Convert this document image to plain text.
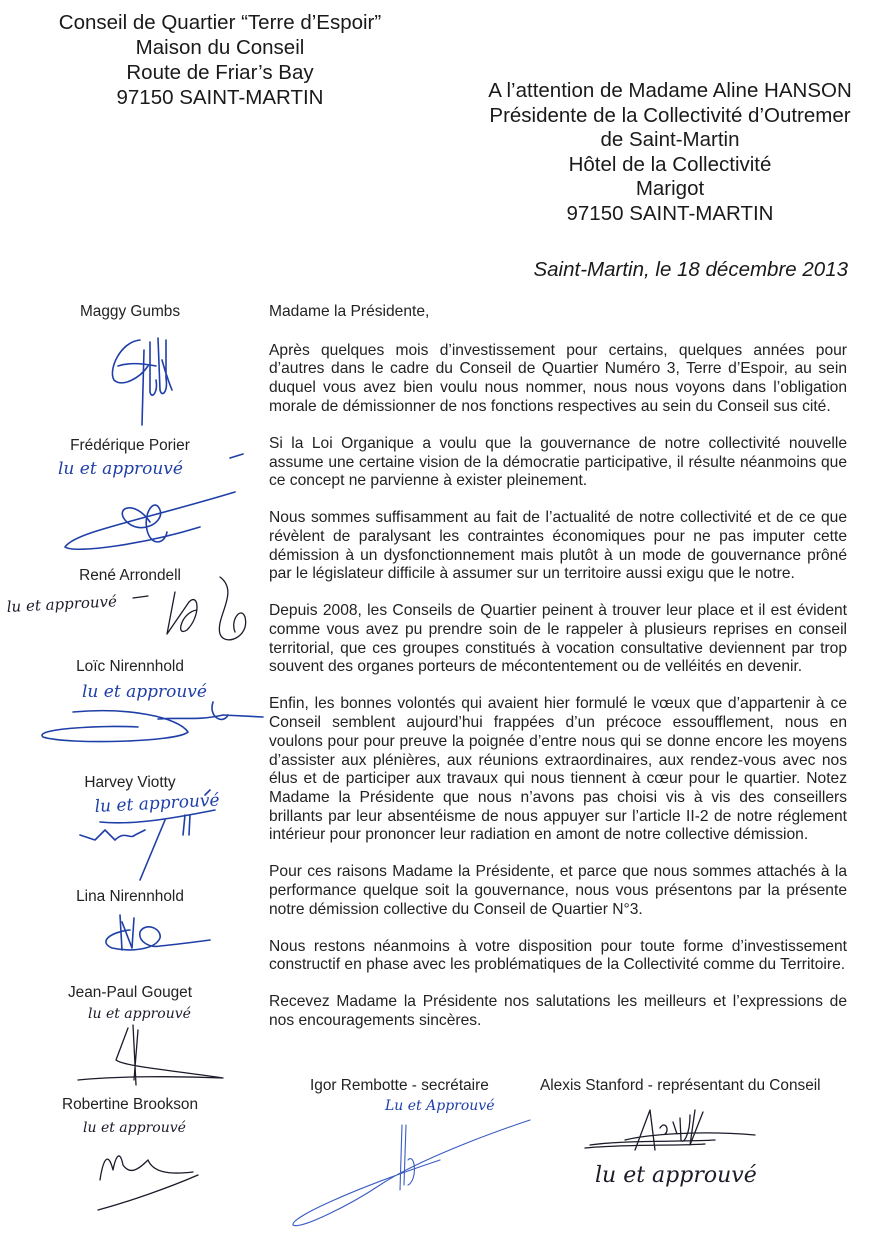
Conseil de Quartier “Terre d’Espoir”
Maison du Conseil
Route de Friar’s Bay
97150 SAINT-MARTIN	A l’attention de Madame Aline HANSON
Présidente de la Collectivité d’Outremer
de Saint-Martin
Hôtel de la Collectivité
Marigot
97150 SAINT-MARTIN
Saint-Martin, le 18 décembre 2013

Madame la Présidente,

Après quelques mois d’investissement pour certains, quelques années pour d’autres dans le cadre du Conseil de Quartier Numéro 3, Terre d’Espoir, au sein duquel vous avez bien voulu nous nommer, nous nous voyons dans l’obligation morale de démissionner de nos fonctions respectives au sein du Conseil sus cité.

Si la Loi Organique a voulu que la gouvernance de notre collectivité nouvelle assume une certaine vision de la démocratie participative, il résulte néanmoins que ce concept ne parvienne à exister pleinement.

Nous sommes suffisamment au fait de l’actualité de notre collectivité et de ce que révèlent de paralysant les contraintes économiques pour ne pas imputer cette démission à un dysfonctionnement mais plutôt à un mode de gouvernance prôné par le législateur difficile à assumer sur un territoire aussi exigu que le notre.

Depuis 2008, les Conseils de Quartier peinent à trouver leur place et il est évident comme vous avez pu prendre soin de le rappeler à plusieurs reprises en conseil territorial, que ces groupes constitués à vocation consultative deviennent par trop souvent des organes porteurs de mécontentement ou de velléités en devenir.

Enfin, les bonnes volontés qui avaient hier formulé le vœux que d’appartenir à ce Conseil semblent aujourd’hui frappées d’un précoce essoufflement, nous en voulons pour pour preuve la poignée d’entre nous qui se donne encore les moyens d’assister aux plénières, aux réunions extraordinaires, aux rendez-vous avec nos élus et de participer aux travaux qui nous tiennent à cœur pour le quartier. Notez Madame la Présidente que nous n’avons pas choisi vis à vis des conseillers brillants par leur absentéisme de nous appuyer sur l’article II-2 de notre réglement intérieur pour prononcer leur radiation en amont de notre collective démission.

Pour ces raisons Madame la Présidente, et parce que nous sommes attachés à la performance quelque soit la gouvernance, nous vous présentons par la présente notre démission collective du Conseil de Quartier N°3.

Nous restons néanmoins à votre disposition pour toute forme d’investissement constructif en phase avec les problématiques de la Collectivité comme du Territoire.

Recevez Madame la Présidente nos salutations les meilleurs et l’expressions de nos encouragements sincères.

Maggy Gumbs
Frédérique Porier
lu et approuvé
René Arrondell
lu et approuvé
Loïc Nirennhold
lu et approuvé
Harvey Viotty
lu et approuvé
Lina Nirennhold
Jean-Paul Gouget
lu et approuvé
Robertine Brookson
lu et approuvé
Igor Rembotte - secrétaire
Lu et Approuvé
Alexis Stanford - représentant du Conseil
lu et approuvé
